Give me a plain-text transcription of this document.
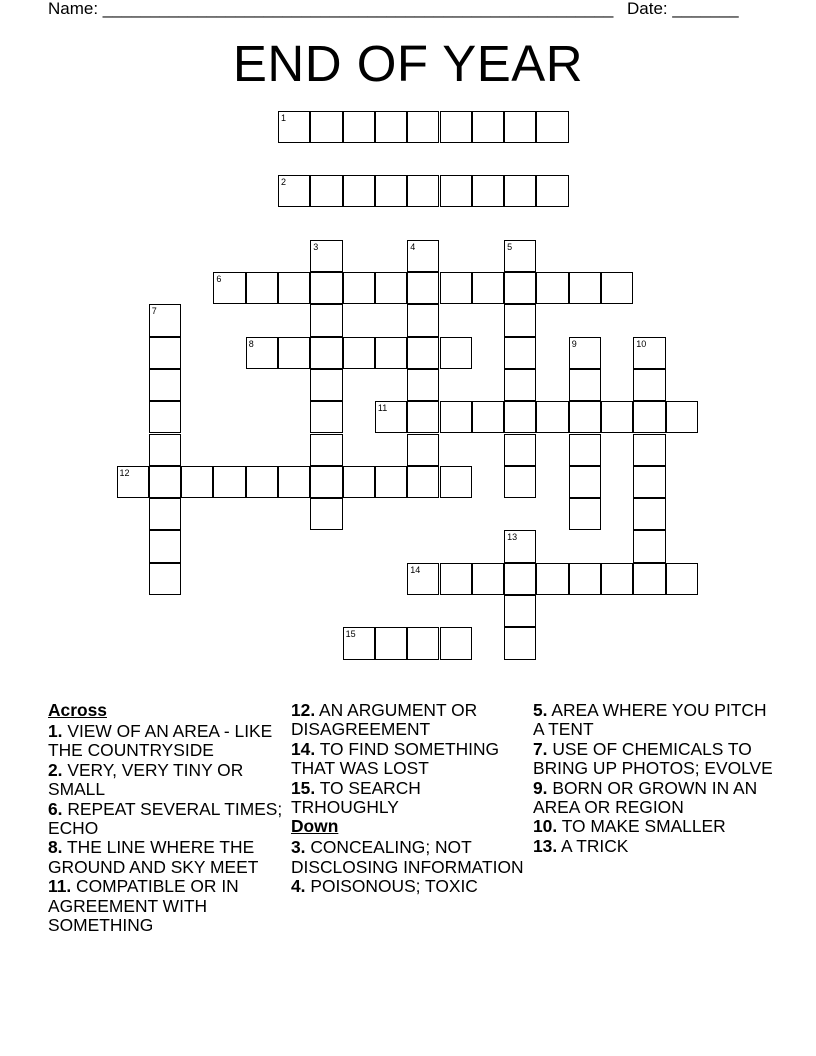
Name: ______________________________________________________ Date: _______
END OF YEAR
1
2
3	4	5
6
7
8	9	10
11
12
13
14
15
Across
1. VIEW OF AN AREA - LIKE THE COUNTRYSIDE
2. VERY, VERY TINY OR SMALL
6. REPEAT SEVERAL TIMES; ECHO
8. THE LINE WHERE THE GROUND AND SKY MEET
11. COMPATIBLE OR IN AGREEMENT WITH SOMETHING
12. AN ARGUMENT OR DISAGREEMENT
14. TO FIND SOMETHING THAT WAS LOST
15. TO SEARCH TRHOUGHLY
Down
3. CONCEALING; NOT DISCLOSING INFORMATION
4. POISONOUS; TOXIC
5. AREA WHERE YOU PITCH A TENT
7. USE OF CHEMICALS TO BRING UP PHOTOS; EVOLVE
9. BORN OR GROWN IN AN AREA OR REGION
10. TO MAKE SMALLER
13. A TRICK
